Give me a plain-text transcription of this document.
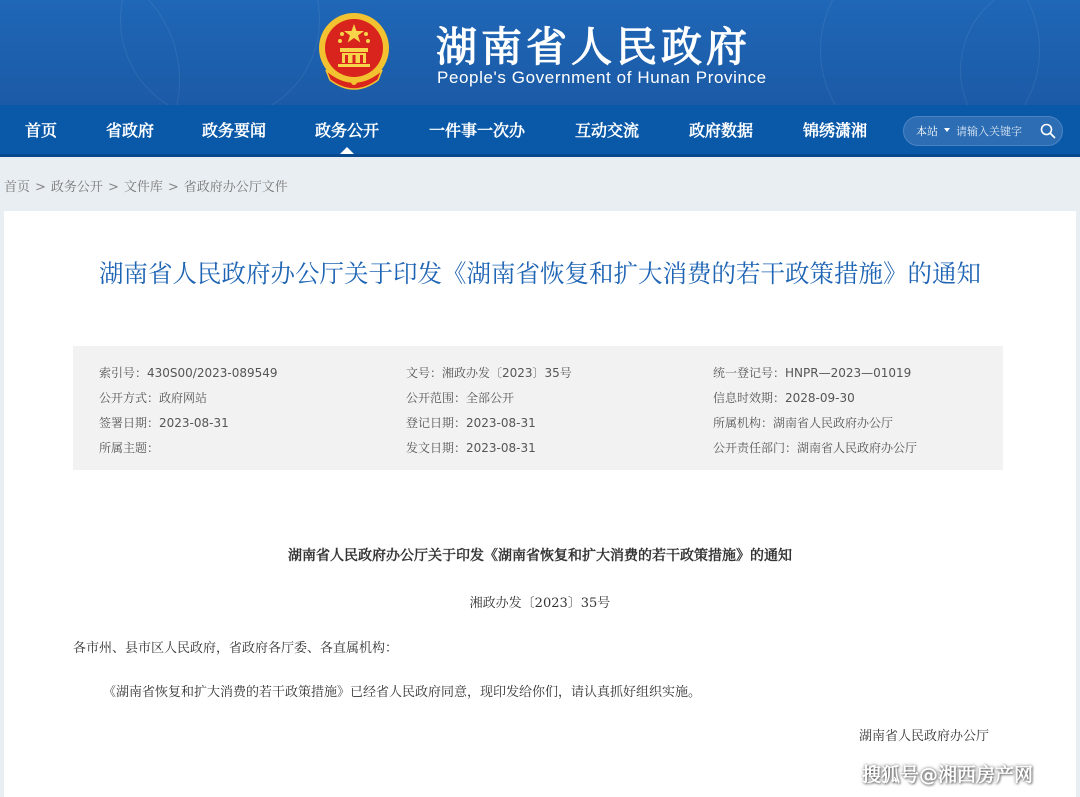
湖南省人民政府
People's Government of Hunan Province
首页	省政府	政务要闻	政务公开	一件事一次办	互动交流	政府数据	锦绣潇湘	本站
请输入关键字
首页 > 政务公开 > 文件库 > 省政府办公厅文件
湖南省人民政府办公厅关于印发《湖南省恢复和扩大消费的若干政策措施》的通知
索引号：430S00/2023-089549	文号：湘政办发〔2023〕35号	统一登记号：HNPR—2023—01019
公开方式：政府网站	公开范围：全部公开	信息时效期：2028-09-30
签署日期：2023-08-31	登记日期：2023-08-31	所属机构：湖南省人民政府办公厅
所属主题：	发文日期：2023-08-31	公开责任部门：湖南省人民政府办公厅
湖南省人民政府办公厅关于印发《湖南省恢复和扩大消费的若干政策措施》的通知
湘政办发〔2023〕35号
各市州、县市区人民政府，省政府各厅委、各直属机构：
《湖南省恢复和扩大消费的若干政策措施》已经省人民政府同意，现印发给你们，请认真抓好组织实施。
湖南省人民政府办公厅
搜狐号@湘西房产网
